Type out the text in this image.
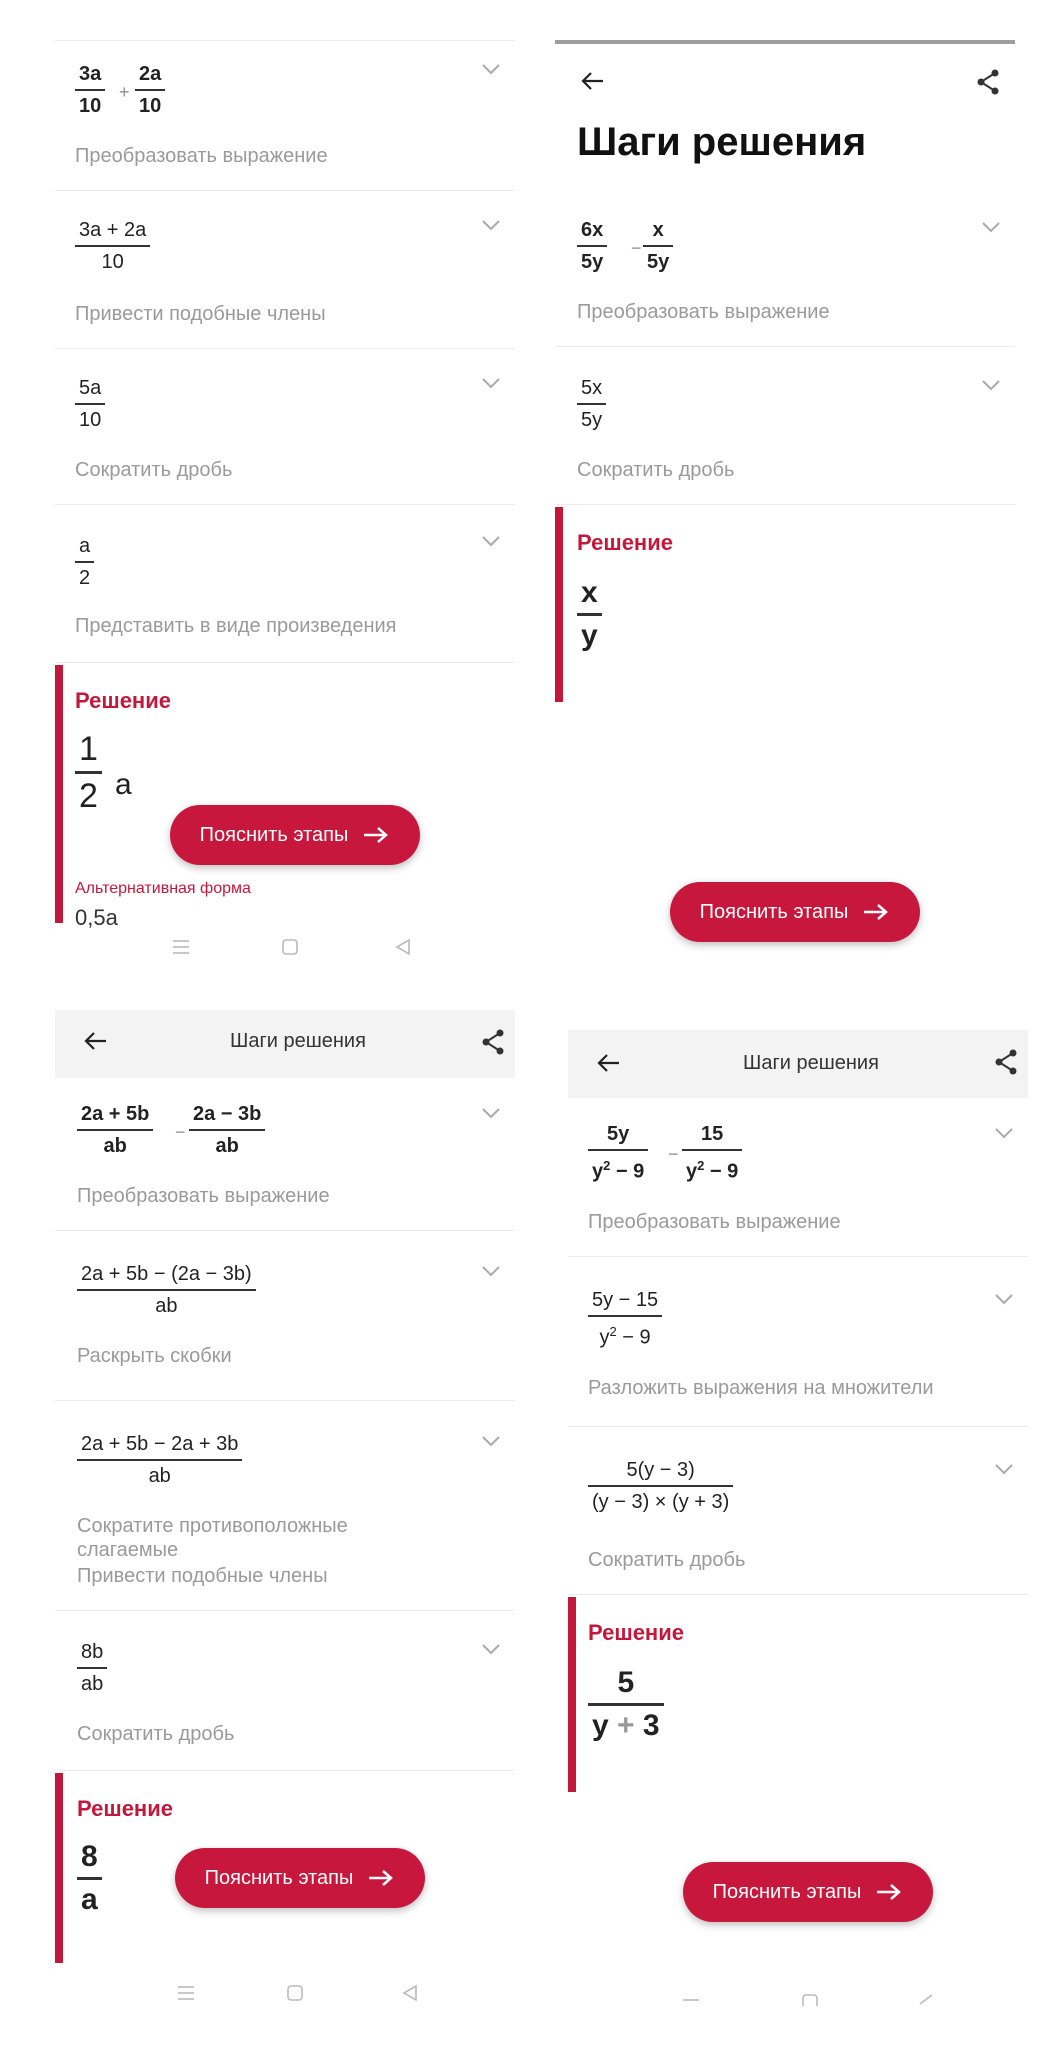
3a
10
+
2a
10
Преобразовать выражение
3a + 2a
10
Привести подобные члены
5a
10
Сократить дробь
a
2
Представить в виде произведения
Решение
1
2 a
Пояснить этапы
Альтернативная форма
0,5a
Шаги решения
6x
5y
−
x
5y
Преобразовать выражение
5x
5y
Сократить дробь
Решение
x
y
Пояснить этапы
Шаги решения
2a + 5b
ab
−
2a − 3b
ab
Преобразовать выражение
2a + 5b − (2a − 3b)
ab
Раскрыть скобки
2a + 5b − 2a + 3b
ab
Сократите противоположные слагаемые
Привести подобные члены
8b
ab
Сократить дробь
Решение
8
a
Пояснить этапы
Шаги решения
5y
$y^2 - 9$
−
15
$y^2 - 9$
Преобразовать выражение
5y − 15
$y^2 - 9$
Разложить выражения на множители
5(y − 3)
(y − 3) × (y + 3)
Сократить дробь
Решение
5
y + 3
Пояснить этапы
